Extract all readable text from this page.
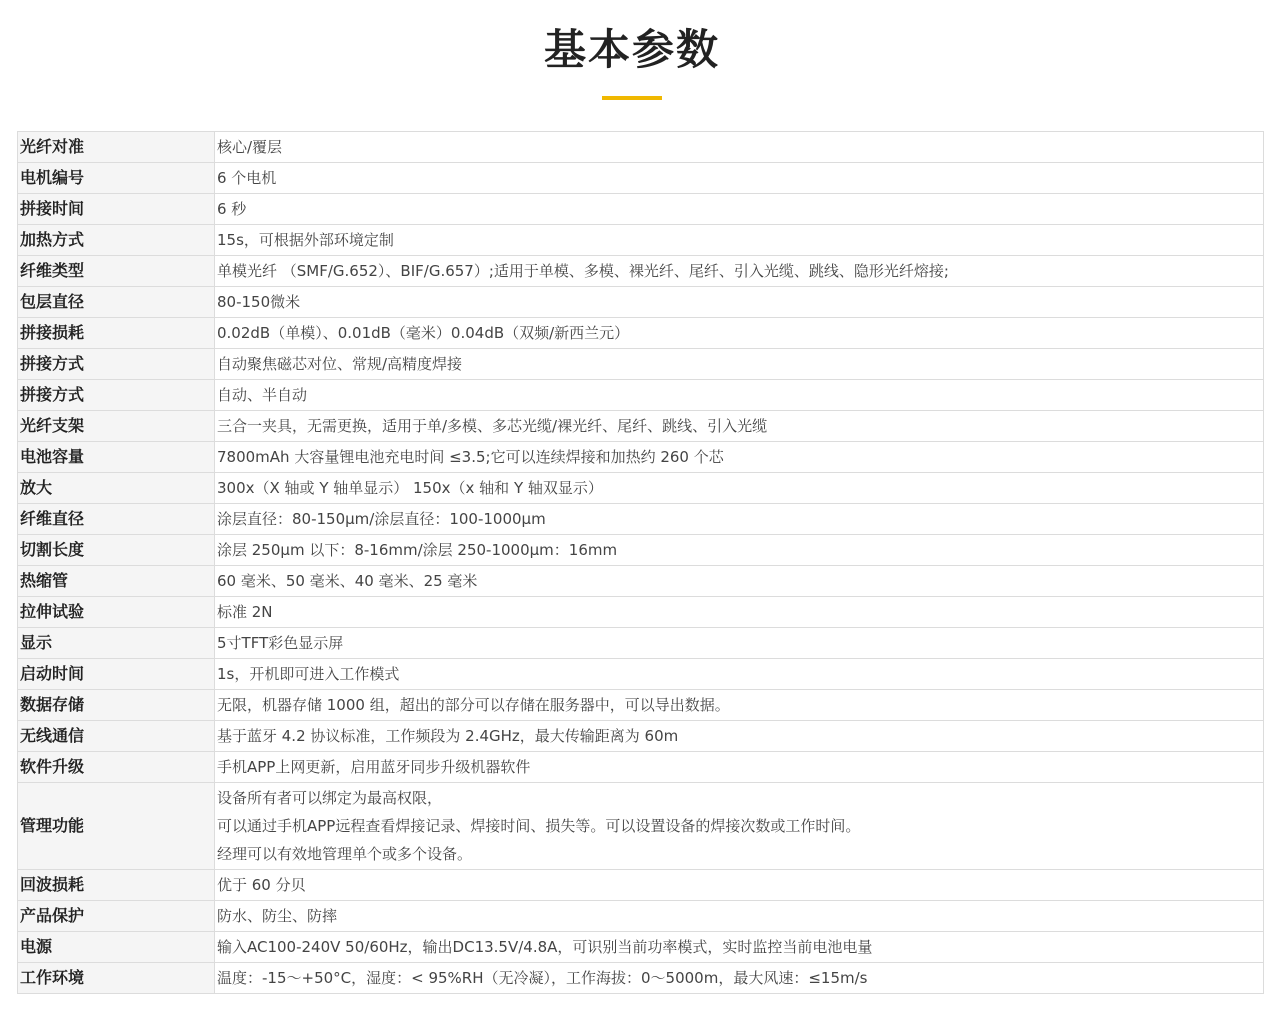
基本参数
光纤对准	核心/覆层
电机编号	6 个电机
拼接时间	6 秒
加热方式	15s，可根据外部环境定制
纤维类型	单模光纤 （SMF/G.652）、BIF/G.657）;适用于单模、多模、裸光纤、尾纤、引入光缆、跳线、隐形光纤熔接;
包层直径	80-150微米
拼接损耗	0.02dB（单模）、0.01dB（毫米）0.04dB（双频/新西兰元）
拼接方式	自动聚焦磁芯对位、常规/高精度焊接
拼接方式	自动、半自动
光纤支架	三合一夹具，无需更换，适用于单/多模、多芯光缆/裸光纤、尾纤、跳线、引入光缆
电池容量	7800mAh 大容量锂电池充电时间 ≤3.5;它可以连续焊接和加热约 260 个芯
放大	300x（X 轴或 Y 轴单显示） 150x（x 轴和 Y 轴双显示）
纤维直径	涂层直径：80-150μm/涂层直径：100-1000μm
切割长度	涂层 250μm 以下：8-16mm/涂层 250-1000μm：16mm
热缩管	60 毫米、50 毫米、40 毫米、25 毫米
拉伸试验	标准 2N
显示	5寸TFT彩色显示屏
启动时间	1s，开机即可进入工作模式
数据存储	无限，机器存储 1000 组，超出的部分可以存储在服务器中，可以导出数据。
无线通信	基于蓝牙 4.2 协议标准，工作频段为 2.4GHz，最大传输距离为 60m
软件升级	手机APP上网更新，启用蓝牙同步升级机器软件
管理功能	设备所有者可以绑定为最高权限，
可以通过手机APP远程查看焊接记录、焊接时间、损失等。可以设置设备的焊接次数或工作时间。
经理可以有效地管理单个或多个设备。

回波损耗	优于 60 分贝
产品保护	防水、防尘、防摔
电源	输入AC100-240V 50/60Hz，输出DC13.5V/4.8A，可识别当前功率模式，实时监控当前电池电量
工作环境	温度：-15～+50°C，湿度：< 95%RH（无冷凝），工作海拔：0～5000m，最大风速：≤15m/s
